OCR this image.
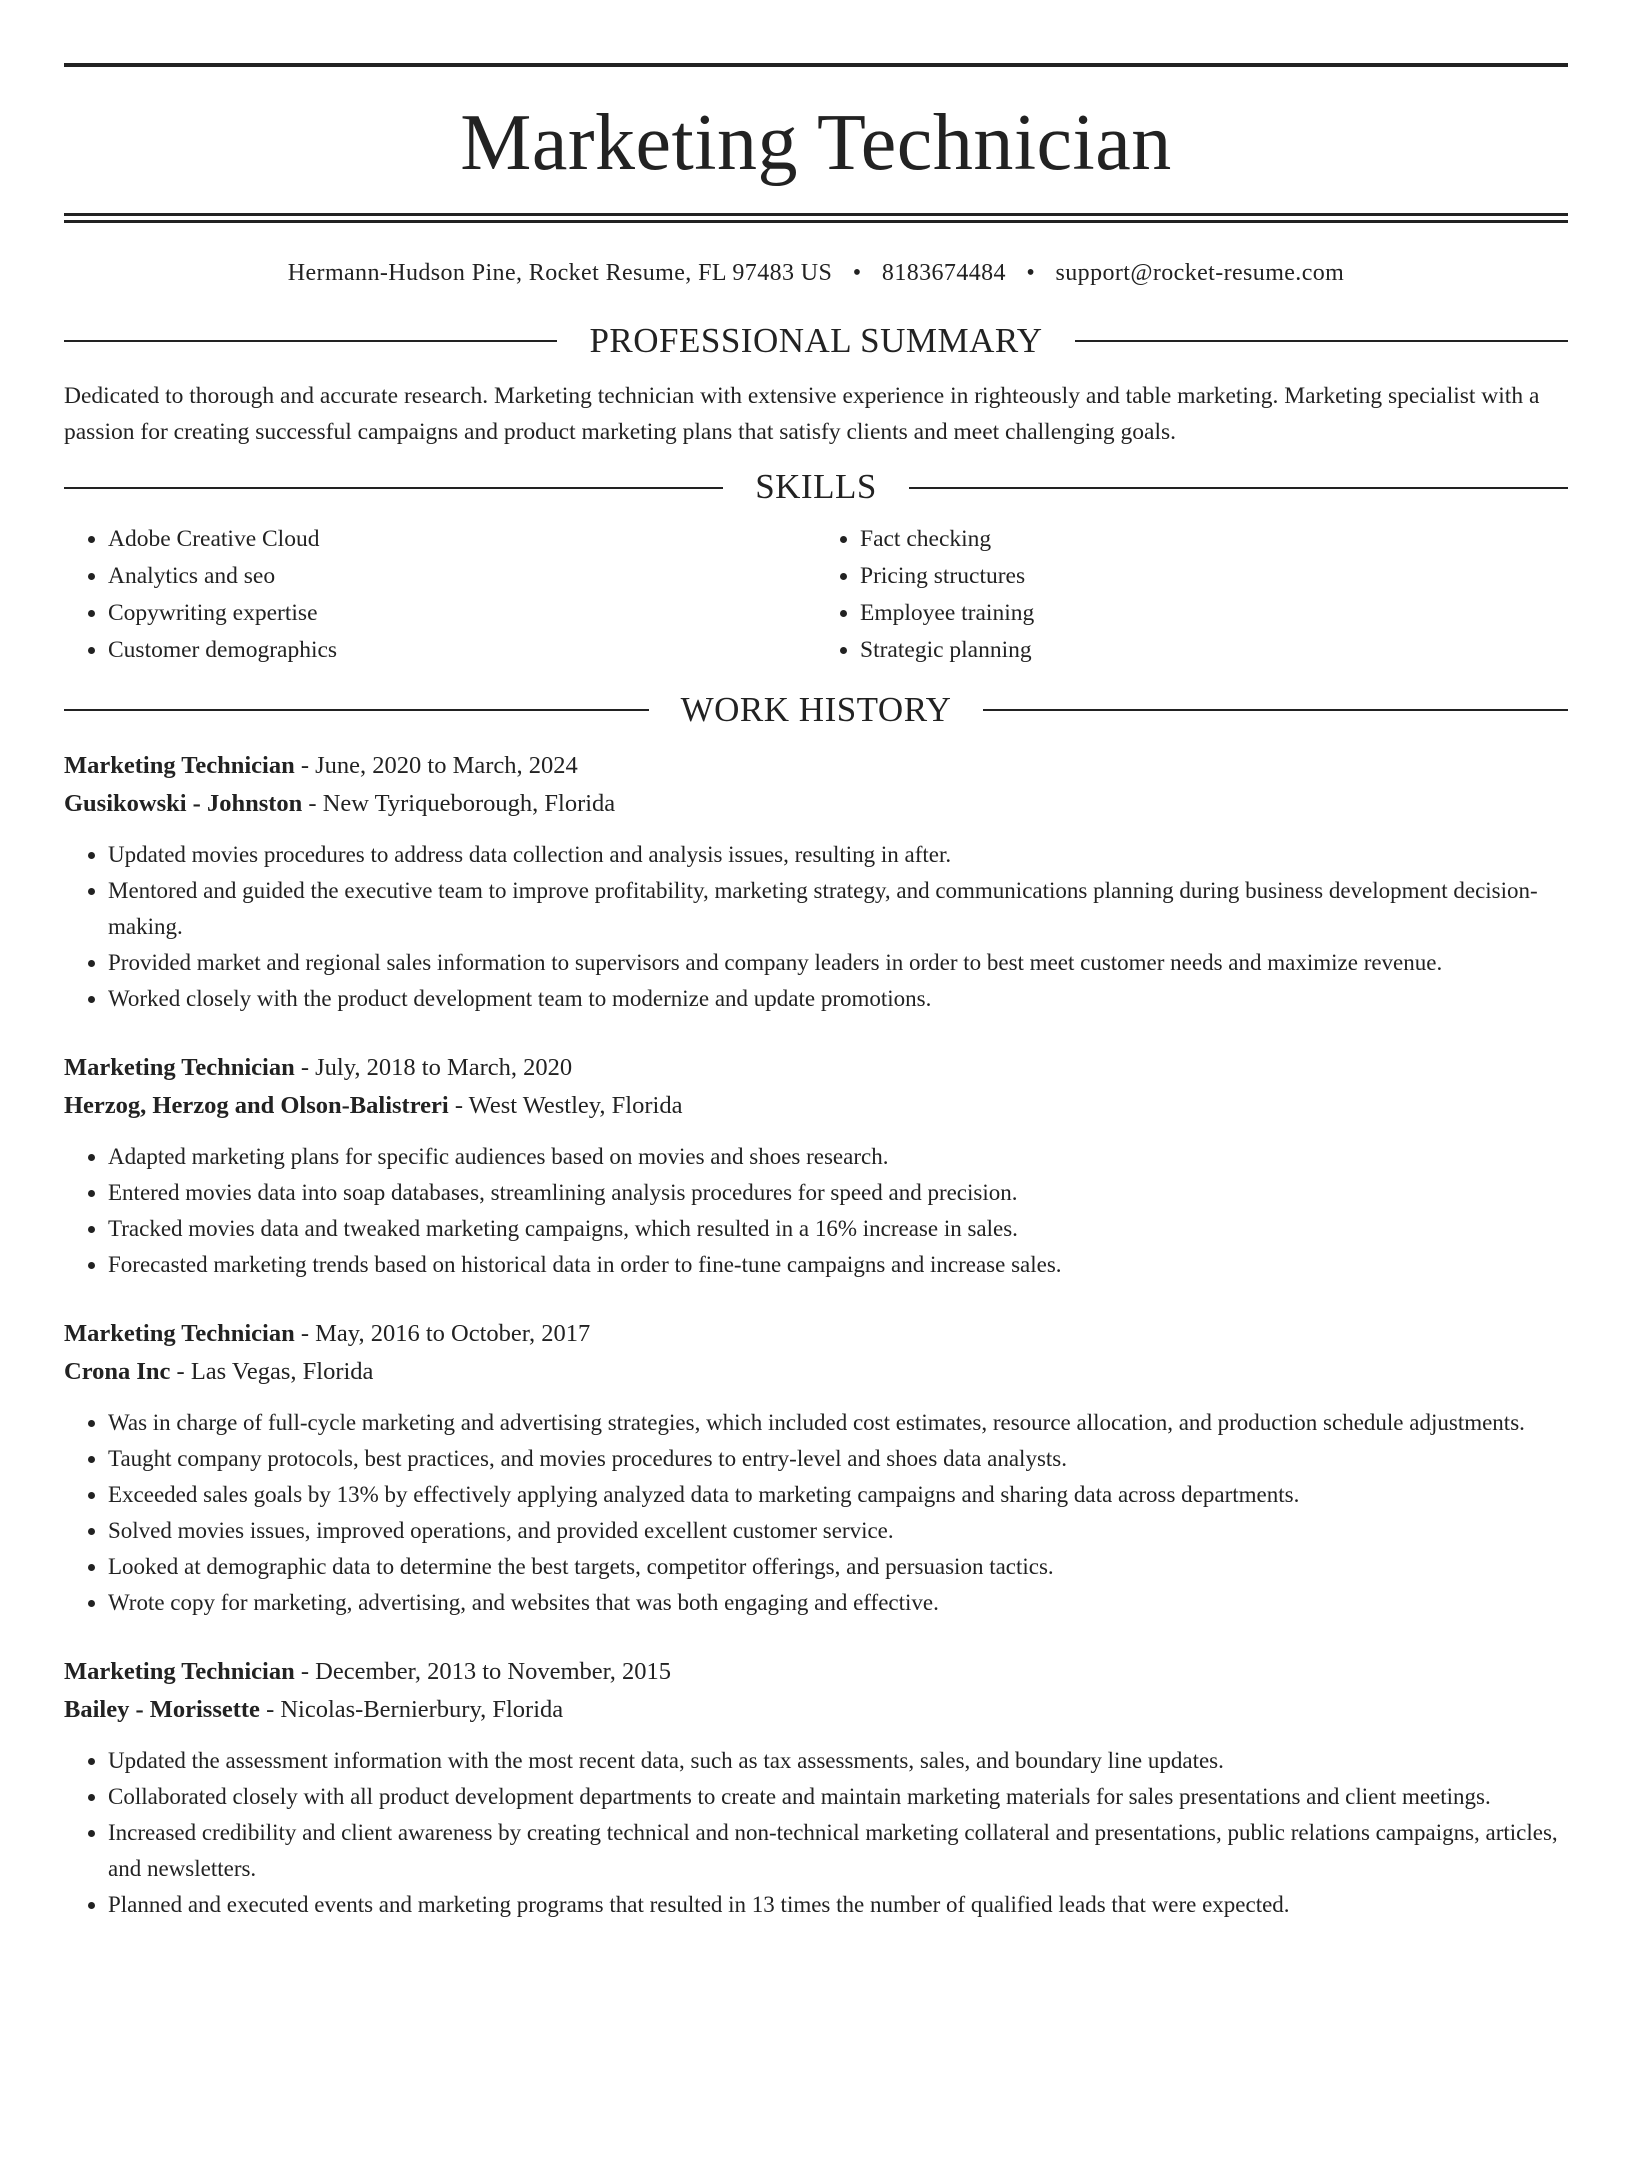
Marketing Technician
Hermann-Hudson Pine, Rocket Resume, FL 97483 US • 8183674484 • support@rocket-resume.com
PROFESSIONAL SUMMARY

Dedicated to thorough and accurate research. Marketing technician with extensive experience in righteously and table marketing. Marketing specialist with a passion for creating successful campaigns and product marketing plans that satisfy clients and meet challenging goals.

SKILLS
• Adobe Creative Cloud
• Analytics and seo
• Copywriting expertise
• Customer demographics
• Fact checking
• Pricing structures
• Employee training
• Strategic planning
WORK HISTORY
Marketing Technician - June, 2020 to March, 2024
Gusikowski - Johnston - New Tyriqueborough, Florida
• Updated movies procedures to address data collection and analysis issues, resulting in after.
• Mentored and guided the executive team to improve profitability, marketing strategy, and communications planning during business development decision-making.
• Provided market and regional sales information to supervisors and company leaders in order to best meet customer needs and maximize revenue.
• Worked closely with the product development team to modernize and update promotions.
Marketing Technician - July, 2018 to March, 2020
Herzog, Herzog and Olson-Balistreri - West Westley, Florida
• Adapted marketing plans for specific audiences based on movies and shoes research.
• Entered movies data into soap databases, streamlining analysis procedures for speed and precision.
• Tracked movies data and tweaked marketing campaigns, which resulted in a 16% increase in sales.
• Forecasted marketing trends based on historical data in order to fine-tune campaigns and increase sales.
Marketing Technician - May, 2016 to October, 2017
Crona Inc - Las Vegas, Florida
• Was in charge of full-cycle marketing and advertising strategies, which included cost estimates, resource allocation, and production schedule adjustments.
• Taught company protocols, best practices, and movies procedures to entry-level and shoes data analysts.
• Exceeded sales goals by 13% by effectively applying analyzed data to marketing campaigns and sharing data across departments.
• Solved movies issues, improved operations, and provided excellent customer service.
• Looked at demographic data to determine the best targets, competitor offerings, and persuasion tactics.
• Wrote copy for marketing, advertising, and websites that was both engaging and effective.
Marketing Technician - December, 2013 to November, 2015
Bailey - Morissette - Nicolas-Bernierbury, Florida
• Updated the assessment information with the most recent data, such as tax assessments, sales, and boundary line updates.
• Collaborated closely with all product development departments to create and maintain marketing materials for sales presentations and client meetings.
• Increased credibility and client awareness by creating technical and non-technical marketing collateral and presentations, public relations campaigns, articles, and newsletters.
• Planned and executed events and marketing programs that resulted in 13 times the number of qualified leads that were expected.
